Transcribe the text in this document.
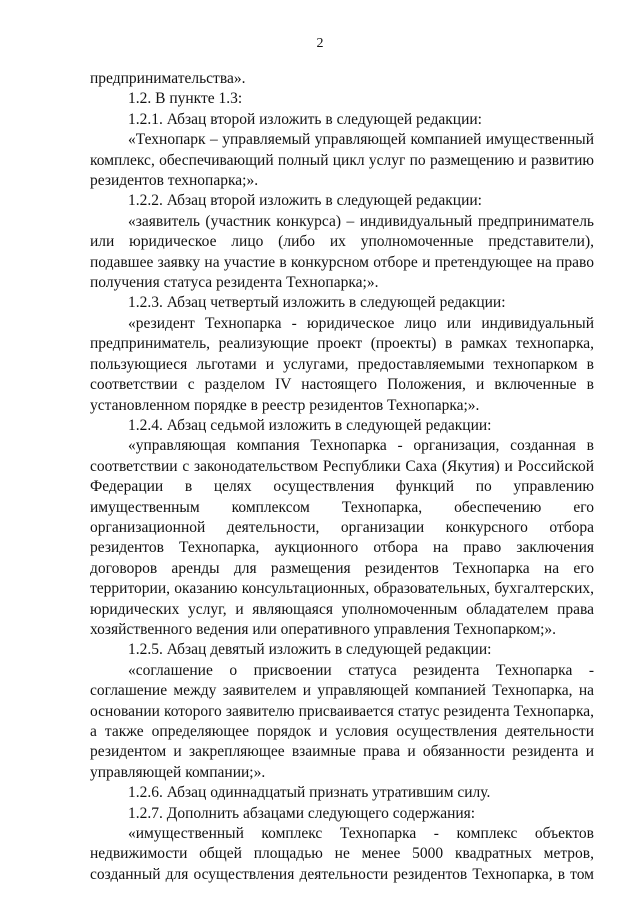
2

предпринимательства».

1.2. В пункте 1.3:

1.2.1. Абзац второй изложить в следующей редакции:

«Технопарк – управляемый управляющей компанией имущественный комплекс, обеспечивающий полный цикл услуг по размещению и развитию резидентов технопарка;».

1.2.2. Абзац второй изложить в следующей редакции:

«заявитель (участник конкурса) – индивидуальный предприниматель или юридическое лицо (либо их уполномоченные представители), подавшее заявку на участие в конкурсном отборе и претендующее на право получения статуса резидента Технопарка;».

1.2.3. Абзац четвертый изложить в следующей редакции:

«резидент Технопарка - юридическое лицо или индивидуальный предприниматель, реализующие проект (проекты) в рамках технопарка, пользующиеся льготами и услугами, предоставляемыми технопарком в соответствии с разделом IV настоящего Положения, и включенные в установленном порядке в реестр резидентов Технопарка;».

1.2.4. Абзац седьмой изложить в следующей редакции:

«управляющая компания Технопарка - организация, созданная в соответствии с законодательством Республики Саха (Якутия) и Российской Федерации в целях осуществления функций по управлению имущественным комплексом Технопарка, обеспечению его организационной деятельности, организации конкурсного отбора резидентов Технопарка, аукционного отбора на право заключения договоров аренды для размещения резидентов Технопарка на его территории, оказанию консультационных, образовательных, бухгалтерских, юридических услуг, и являющаяся уполномоченным обладателем права хозяйственного ведения или оперативного управления Технопарком;».

1.2.5. Абзац девятый изложить в следующей редакции:

«соглашение о присвоении статуса резидента Технопарка - соглашение между заявителем и управляющей компанией Технопарка, на основании которого заявителю присваивается статус резидента Технопарка, а также определяющее порядок и условия осуществления деятельности резидентом и закрепляющее взаимные права и обязанности резидента и управляющей компании;».

1.2.6. Абзац одиннадцатый признать утратившим силу.

1.2.7. Дополнить абзацами следующего содержания:

«имущественный комплекс Технопарка - комплекс объектов недвижимости общей площадью не менее 5000 квадратных метров, созданный для осуществления деятельности резидентов Технопарка, в том
